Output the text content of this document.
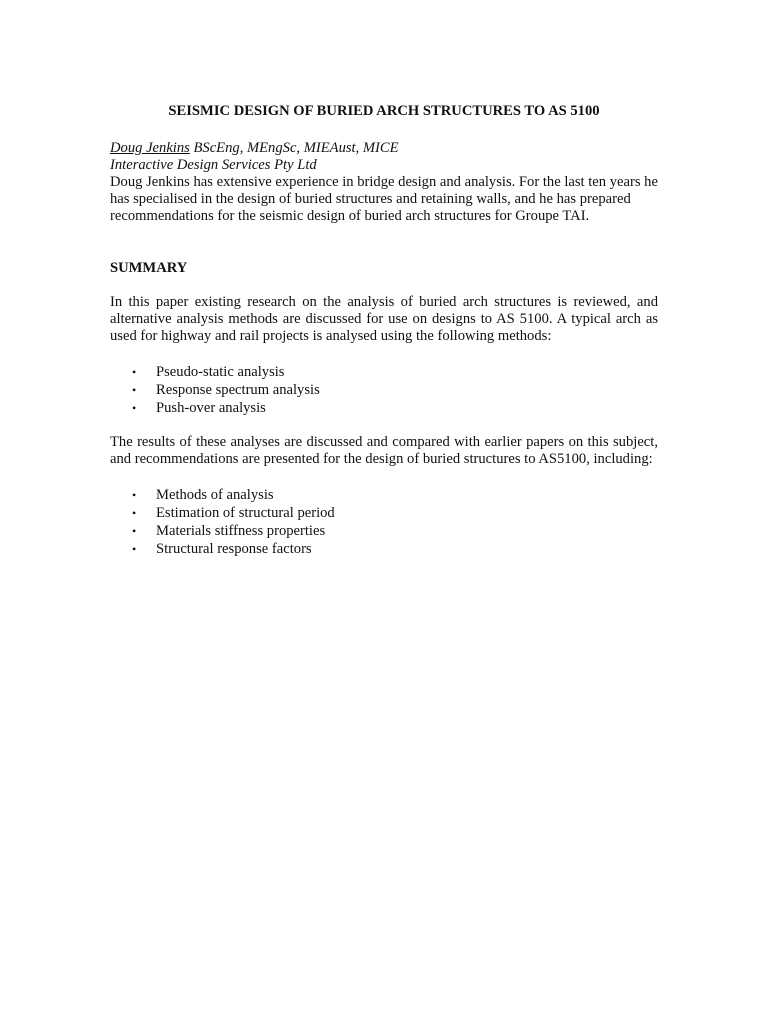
SEISMIC DESIGN OF BURIED ARCH STRUCTURES TO AS 5100

Doug Jenkins BScEng, MEngSc, MIEAust, MICE

Interactive Design Services Pty Ltd

Doug Jenkins has extensive experience in bridge design and analysis. For the last ten years he has specialised in the design of buried structures and retaining walls, and he has prepared recommendations for the seismic design of buried arch structures for Groupe TAI.

SUMMARY

In this paper existing research on the analysis of buried arch structures is reviewed, and alternative analysis methods are discussed for use on designs to AS 5100. A typical arch as used for highway and rail projects is analysed using the following methods:

• Pseudo-static analysis
• Response spectrum analysis
• Push-over analysis

The results of these analyses are discussed and compared with earlier papers on this subject, and recommendations are presented for the design of buried structures to AS5100, including:

• Methods of analysis
• Estimation of structural period
• Materials stiffness properties
• Structural response factors
